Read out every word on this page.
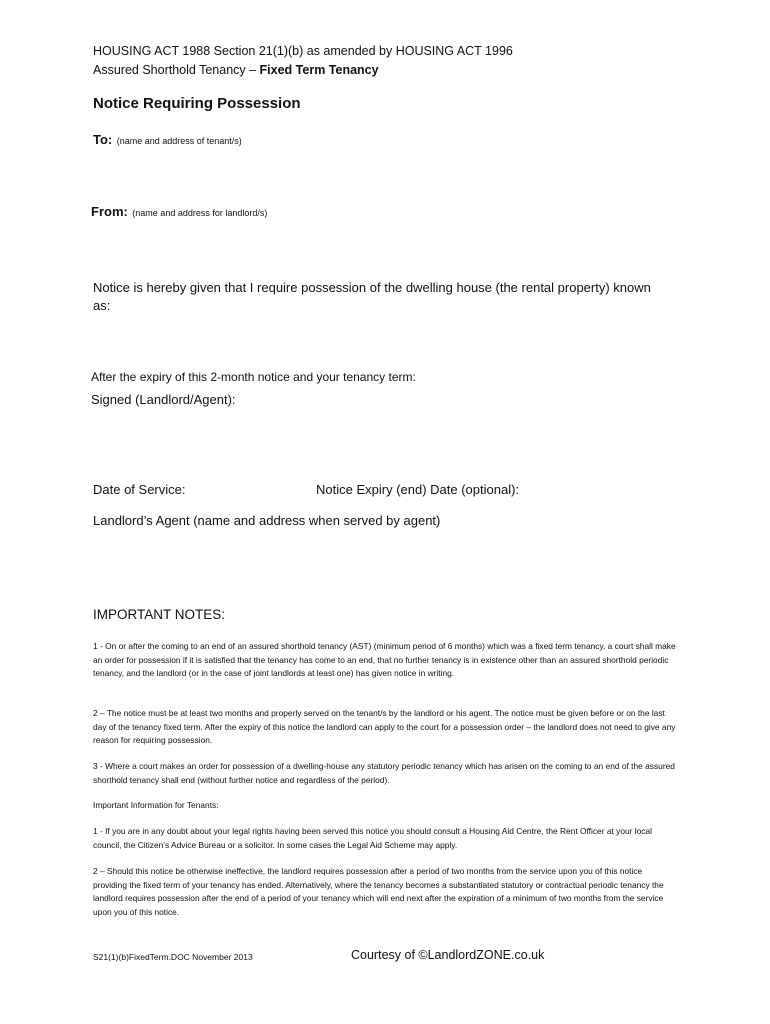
HOUSING ACT 1988 Section 21(1)(b) as amended by HOUSING ACT 1996
Assured Shorthold Tenancy – Fixed Term Tenancy
Notice Requiring Possession
To: (name and address of tenant/s)
From: (name and address for landlord/s)
Notice is hereby given that I require possession of the dwelling house (the rental property) known as:
After the expiry of this 2-month notice and your tenancy term:
Signed (Landlord/Agent):
Date of Service:	Notice Expiry (end) Date (optional):
Landlord’s Agent (name and address when served by agent)
IMPORTANT NOTES:
1 - On or after the coming to an end of an assured shorthold tenancy (AST) (minimum period of 6 months) which was a fixed term tenancy, a court shall make an order for possession if it is satisfied that the tenancy has come to an end, that no further tenancy is in existence other than an assured shorthold periodic tenancy, and the landlord (or in the case of joint landlords at least one) has given notice in writing.
2 – The notice must be at least two months and properly served on the tenant/s by the landlord or his agent. The notice must be given before or on the last day of the tenancy fixed term. After the expiry of this notice the landlord can apply to the court for a possession order – the landlord does not need to give any reason for requiring possession.
3 - Where a court makes an order for possession of a dwelling-house any statutory periodic tenancy which has arisen on the coming to an end of the assured shorthold tenancy shall end (without further notice and regardless of the period).
Important Information for Tenants:
1 - If you are in any doubt about your legal rights having been served this notice you should consult a Housing Aid Centre, the Rent Officer at your local council, the Citizen’s Advice Bureau or a solicitor. In some cases the Legal Aid Scheme may apply.
2 – Should this notice be otherwise ineffective, the landlord requires possession after a period of two months from the service upon you of this notice providing the fixed term of your tenancy has ended. Alternatively, where the tenancy becomes a substantiated statutory or contractual periodic tenancy the landlord requires possession after the end of a period of your tenancy which will end next after the expiration of a minimum of two months from the service upon you of this notice.
S21(1)(b)FixedTerm.DOC November 2013	Courtesy of ©LandlordZONE.co.uk
